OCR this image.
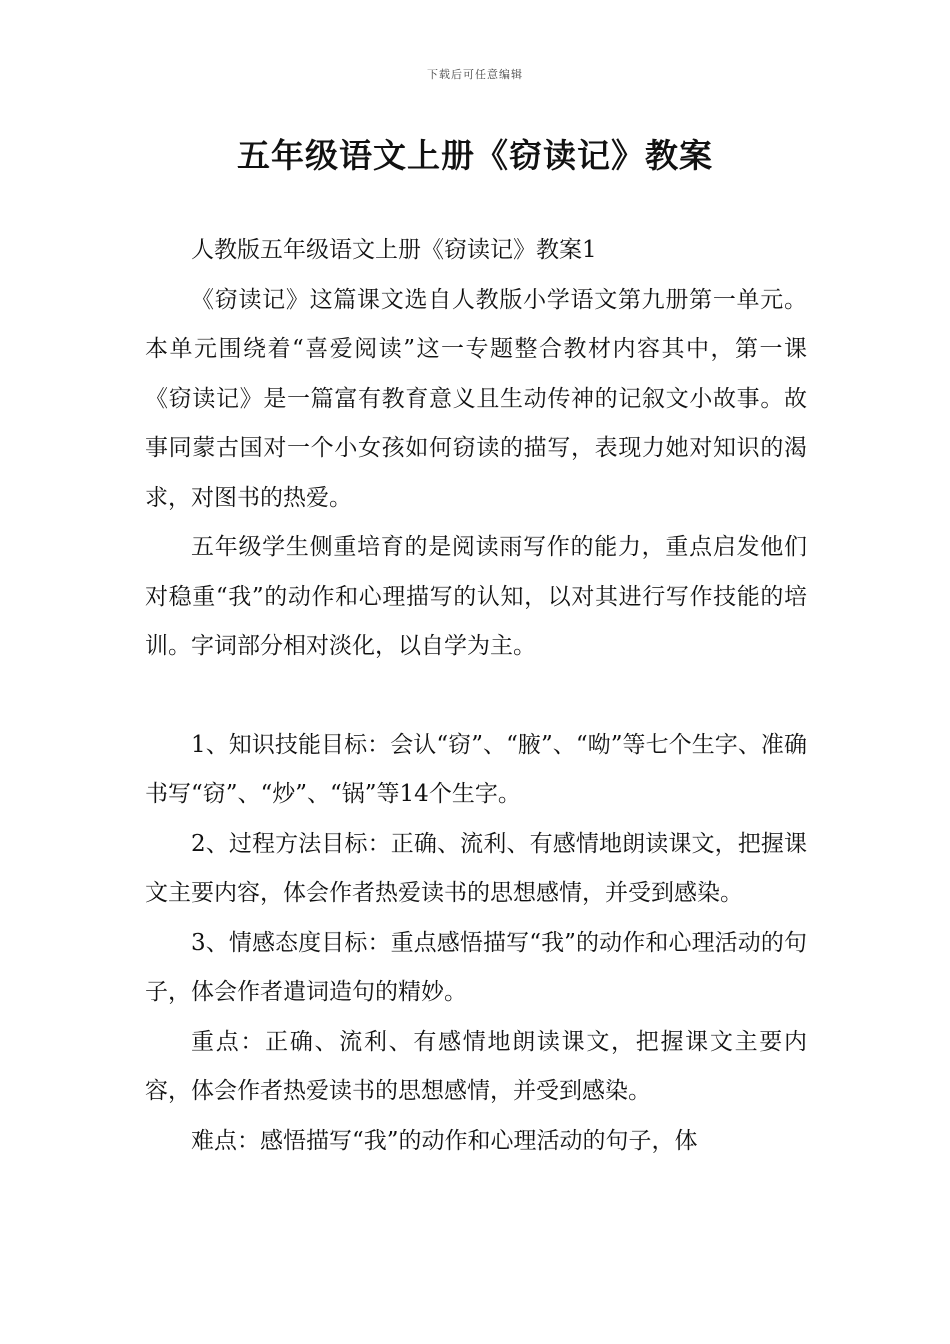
下载后可任意编辑
五年级语文上册《窃读记》教案

人教版五年级语文上册《窃读记》教案1

《窃读记》这篇课文选自人教版小学语文第九册第一单元。本单元围绕着“喜爱阅读”这一专题整合教材内容其中，第一课《窃读记》是一篇富有教育意义且生动传神的记叙文小故事。故事同蒙古国对一个小女孩如何窃读的描写，表现力她对知识的渴求，对图书的热爱。

五年级学生侧重培育的是阅读雨写作的能力，重点启发他们对稳重“我”的动作和心理描写的认知，以对其进行写作技能的培训。字词部分相对淡化，以自学为主。

1、知识技能目标：会认“窃”、“腋”、“呦”等七个生字、准确书写“窃”、“炒”、“锅”等14个生字。

2、过程方法目标：正确、流利、有感情地朗读课文，把握课文主要内容，体会作者热爱读书的思想感情，并受到感染。

3、情感态度目标：重点感悟描写“我”的动作和心理活动的句子，体会作者遣词造句的精妙。

重点：正确、流利、有感情地朗读课文，把握课文主要内容，体会作者热爱读书的思想感情，并受到感染。

难点：感悟描写“我”的动作和心理活动的句子，体
